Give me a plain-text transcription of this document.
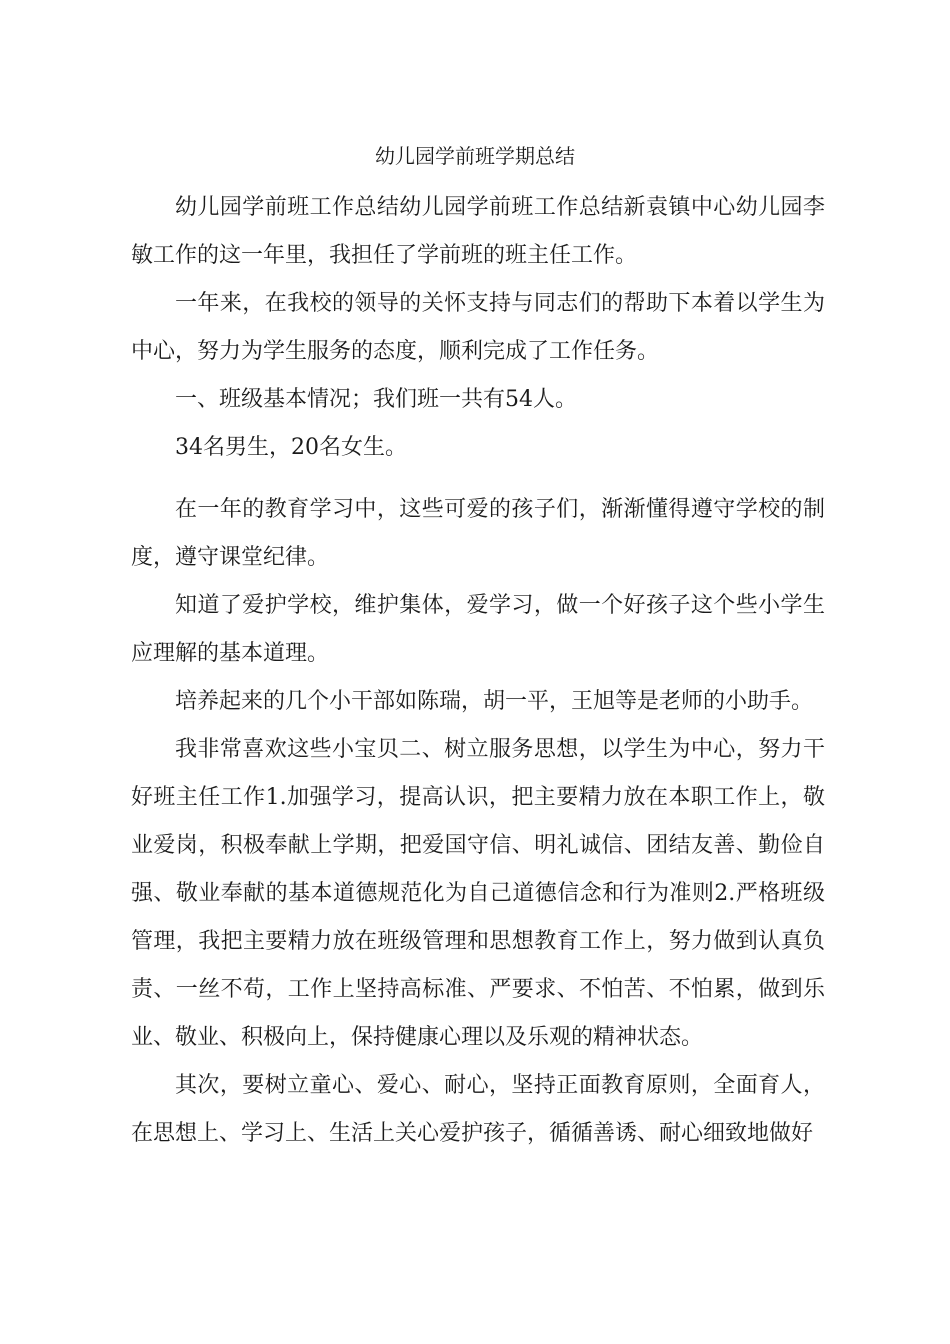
幼儿园学前班学期总结

幼儿园学前班工作总结幼儿园学前班工作总结新袁镇中心幼儿园李敏工作的这一年里，我担任了学前班的班主任工作。

一年来，在我校的领导的关怀支持与同志们的帮助下本着以学生为中心，努力为学生服务的态度，顺利完成了工作任务。

一、班级基本情况；我们班一共有54人。

34名男生，20名女生。

在一年的教育学习中，这些可爱的孩子们，渐渐懂得遵守学校的制度，遵守课堂纪律。

知道了爱护学校，维护集体，爱学习，做一个好孩子这个些小学生应理解的基本道理。

培养起来的几个小干部如陈瑞，胡一平，王旭等是老师的小助手。

我非常喜欢这些小宝贝二、树立服务思想，以学生为中心，努力干好班主任工作1.加强学习，提高认识，把主要精力放在本职工作上，敬业爱岗，积极奉献上学期，把爱国守信、明礼诚信、团结友善、勤俭自强、敬业奉献的基本道德规范化为自己道德信念和行为准则2.严格班级管理，我把主要精力放在班级管理和思想教育工作上，努力做到认真负责、一丝不苟，工作上坚持高标准、严要求、不怕苦、不怕累，做到乐业、敬业、积极向上，保持健康心理以及乐观的精神状态。

其次，要树立童心、爱心、耐心，坚持正面教育原则，全面育人，在思想上、学习上、生活上关心爱护孩子，循循善诱、耐心细致地做好
